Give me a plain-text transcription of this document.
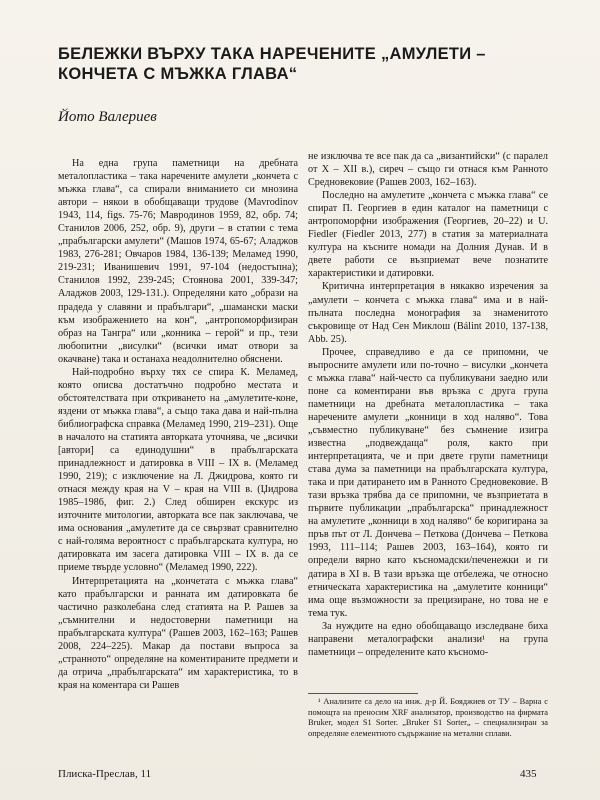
БЕЛЕЖКИ ВЪРХУ ТАКА НАРЕЧЕНИТЕ „АМУЛЕТИ – КОНЧЕТА С МЪЖКА ГЛАВА“
Йото Валериев

На една група паметници на дребната металопластика – така наречените амулети „кончета с мъжка глава“, са спирали вниманието си мнозина автори – някои в обобщаващи трудове (Mavrodinov 1943, 114, figs. 75-76; Мавродинов 1959, 82, обр. 74; Станилов 2006, 252, обр. 9), други – в статии с тема „прабългарски амулети“ (Машов 1974, 65-67; Аладжов 1983, 276-281; Овчаров 1984, 136-139; Меламед 1990, 219-231; Иванишевич 1991, 97-104 (недостъпна); Станилов 1992, 239-245; Стоянова 2001, 339-347; Аладжов 2003, 129-131.). Определяни като „образи на прадеда у славяни и прабългари“, „шамански маски към изображението на кон“, „антропоморфизиран образ на Тангра“ или „конника – герой“ и пр., тези любопитни „висулки“ (всички имат отвори за окачване) така и останаха неадолнително обяснени.

Най-подробно върху тях се спира К. Меламед, която описва достатъчно подробно местата и обстоятелствата при откриването на „амулетите-коне, яздени от мъжка глава“, а също така дава и най-пълна библиографска справка (Меламед 1990, 219–231). Още в началото на статията авторката уточнява, че „всички [автори] са единодушни“ в прабългарската принадлежност и датировка в VIII – IX в. (Меламед 1990, 219); с изключение на Л. Джидрова, която ги отнася между края на V – края на VIII в. (Џидрова 1985–1986, фиг. 2.) След обширен екскурс из източните митологии, авторката все пак заключава, че има основания „амулетите да се свързват сравнително с най-голяма вероятност с прабългарската култура, но датировката им засега датировка VIII – IX в. да се приеме твърде условно“ (Меламед 1990, 222).

Интерпретацията на „кончетата с мъжка глава“ като прабългарски и ранната им датировката бе частично разколебана след статията на Р. Рашев за „съмнителни и недостоверни паметници на прабългарската култура“ (Рашев 2003, 162–163; Рашев 2008, 224–225). Макар да постави въпроса за „странното“ определяне на коментираните предмети и да отрича „прабългарската“ им характеристика, то в края на коментара си Рашев

не изключва те все пак да са „византийски“ (с паралел от X – XII в.), сиреч – също ги отнася към Ранното Средновековие (Рашев 2003, 162–163).

Последно на амулетите „кончета с мъжка глава“ се спират П. Георгиев в един каталог на паметници с антропоморфни изображения (Георгиев, 20–22) и U. Fiedler (Fiedler 2013, 277) в статия за материалната култура на късните номади на Долния Дунав. И в двете работи се възприемат вече познатите характеристики и датировки.

Критична интерпретация в някакво изречения за „амулети – кончета с мъжка глава“ има и в най-пълната последна монография за знаменитото съкровище от Над Сен Миклош (Bálint 2010, 137-138, Abb. 25).

Прочее, справедливо е да се припомни, че въпросните амулети или по-точно – висулки „кончета с мъжка глава“ най-често са публикувани заедно или поне са коментирани във връзка с друга група паметници на дребната металопластика – така наречените амулети „конници в ход наляво“. Това „съвместно публикуване“ без съмнение изигра известна „подвеждаща“ роля, както при интерпретацията, че и при двете групи паметници става дума за паметници на прабългарската култура, така и при датирането им в Ранното Средновековие. В тази връзка трябва да се припомни, че възприетата в първите публикации „прабългарска“ принадлежност на амулетите „конници в ход наляво“ бе коригирана за пръв път от Л. Дончева – Петкова (Дончева – Петкова 1993, 111–114; Рашев 2003, 163–164), която ги определи вярно като късномадски/печенежки и ги датира в XI в. В тази връзка ще отбележа, че относно етническата характеристика на „амулетите конници“ има още възможности за прецизиране, но това не е тема тук.

За нуждите на едно обобщаващо изследване биха направени металографски анализи¹ на група паметници – определените като късномо-

¹ Анализите са дело на инж. д-р Й. Бояджиев от ТУ – Варна с помощта на преносим XRF анализатор, производство на фирмата Bruker, модел S1 Sorter. „Bruker S1 Sorter„ – специализиран за определяне елементното съдържание на метални сплави.
Плиска-Преслав, 11	435
